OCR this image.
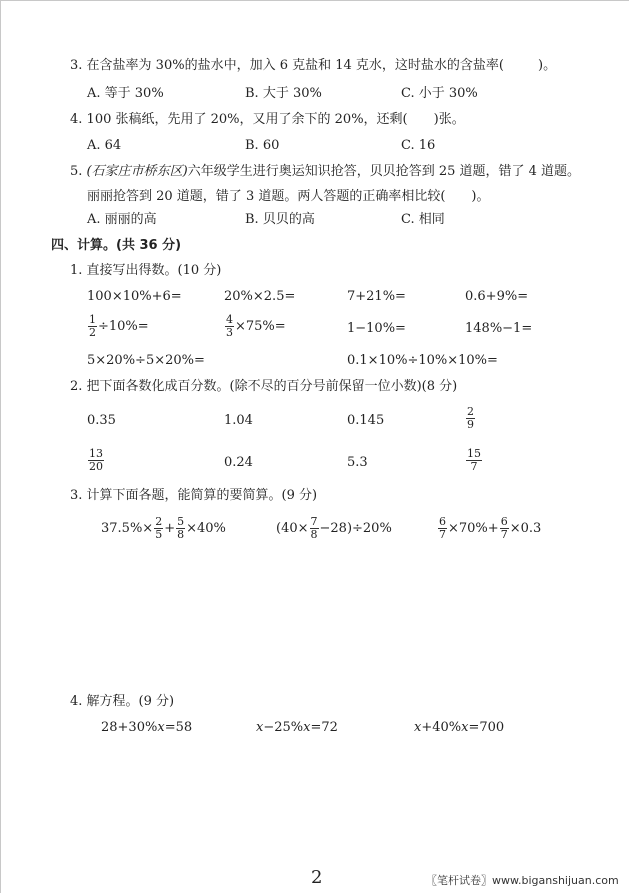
3. 在含盐率为 30%的盐水中，加入 6 克盐和 14 克水，这时盐水的含盐率(	)。
A. 等于 30%	B. 大于 30%	C. 小于 30%
4. 100 张稿纸，先用了 20%，又用了余下的 20%，还剩( )张。
A. 64	B. 60	C. 16
5. (石家庄市桥东区)六年级学生进行奥运知识抢答，贝贝抢答到 25 道题，错了 4 道题。
丽丽抢答到 20 道题，错了 3 道题。两人答题的正确率相比较( )。
A. 丽丽的高	B. 贝贝的高	C. 相同
四、计算。(共 36 分)
1. 直接写出得数。(10 分)
100×10%+6=	20%×2.5=	7+21%=	0.6+9%=
$\frac{1}{2} \div 10\%=$	$\frac{4}{3} \times 75\%=$	1−10%=	148%−1=
5×20%÷5×20%=	0.1×10%÷10%×10%=
2. 把下面各数化成百分数。(除不尽的百分号前保留一位小数)(8 分)
0.35	1.04	0.145	$\frac{2}{9}$
$\frac{13}{20}$	0.24	5.3	$\frac{15}{7}$
3. 计算下面各题，能简算的要简算。(9 分)
$37.5\%\times \frac{2}{5} + \frac{5}{8} \times 40\%$	$(40\times \frac{7}{8} -28)\div 20\%$	$\frac{6}{7} \times 70\%+ \frac{6}{7} \times 0.3$
4. 解方程。(9 分)
28+30%x=58	x−25%x=72	x+40%x=700
2	〖笔杆试卷〗www.biganshijuan.com
